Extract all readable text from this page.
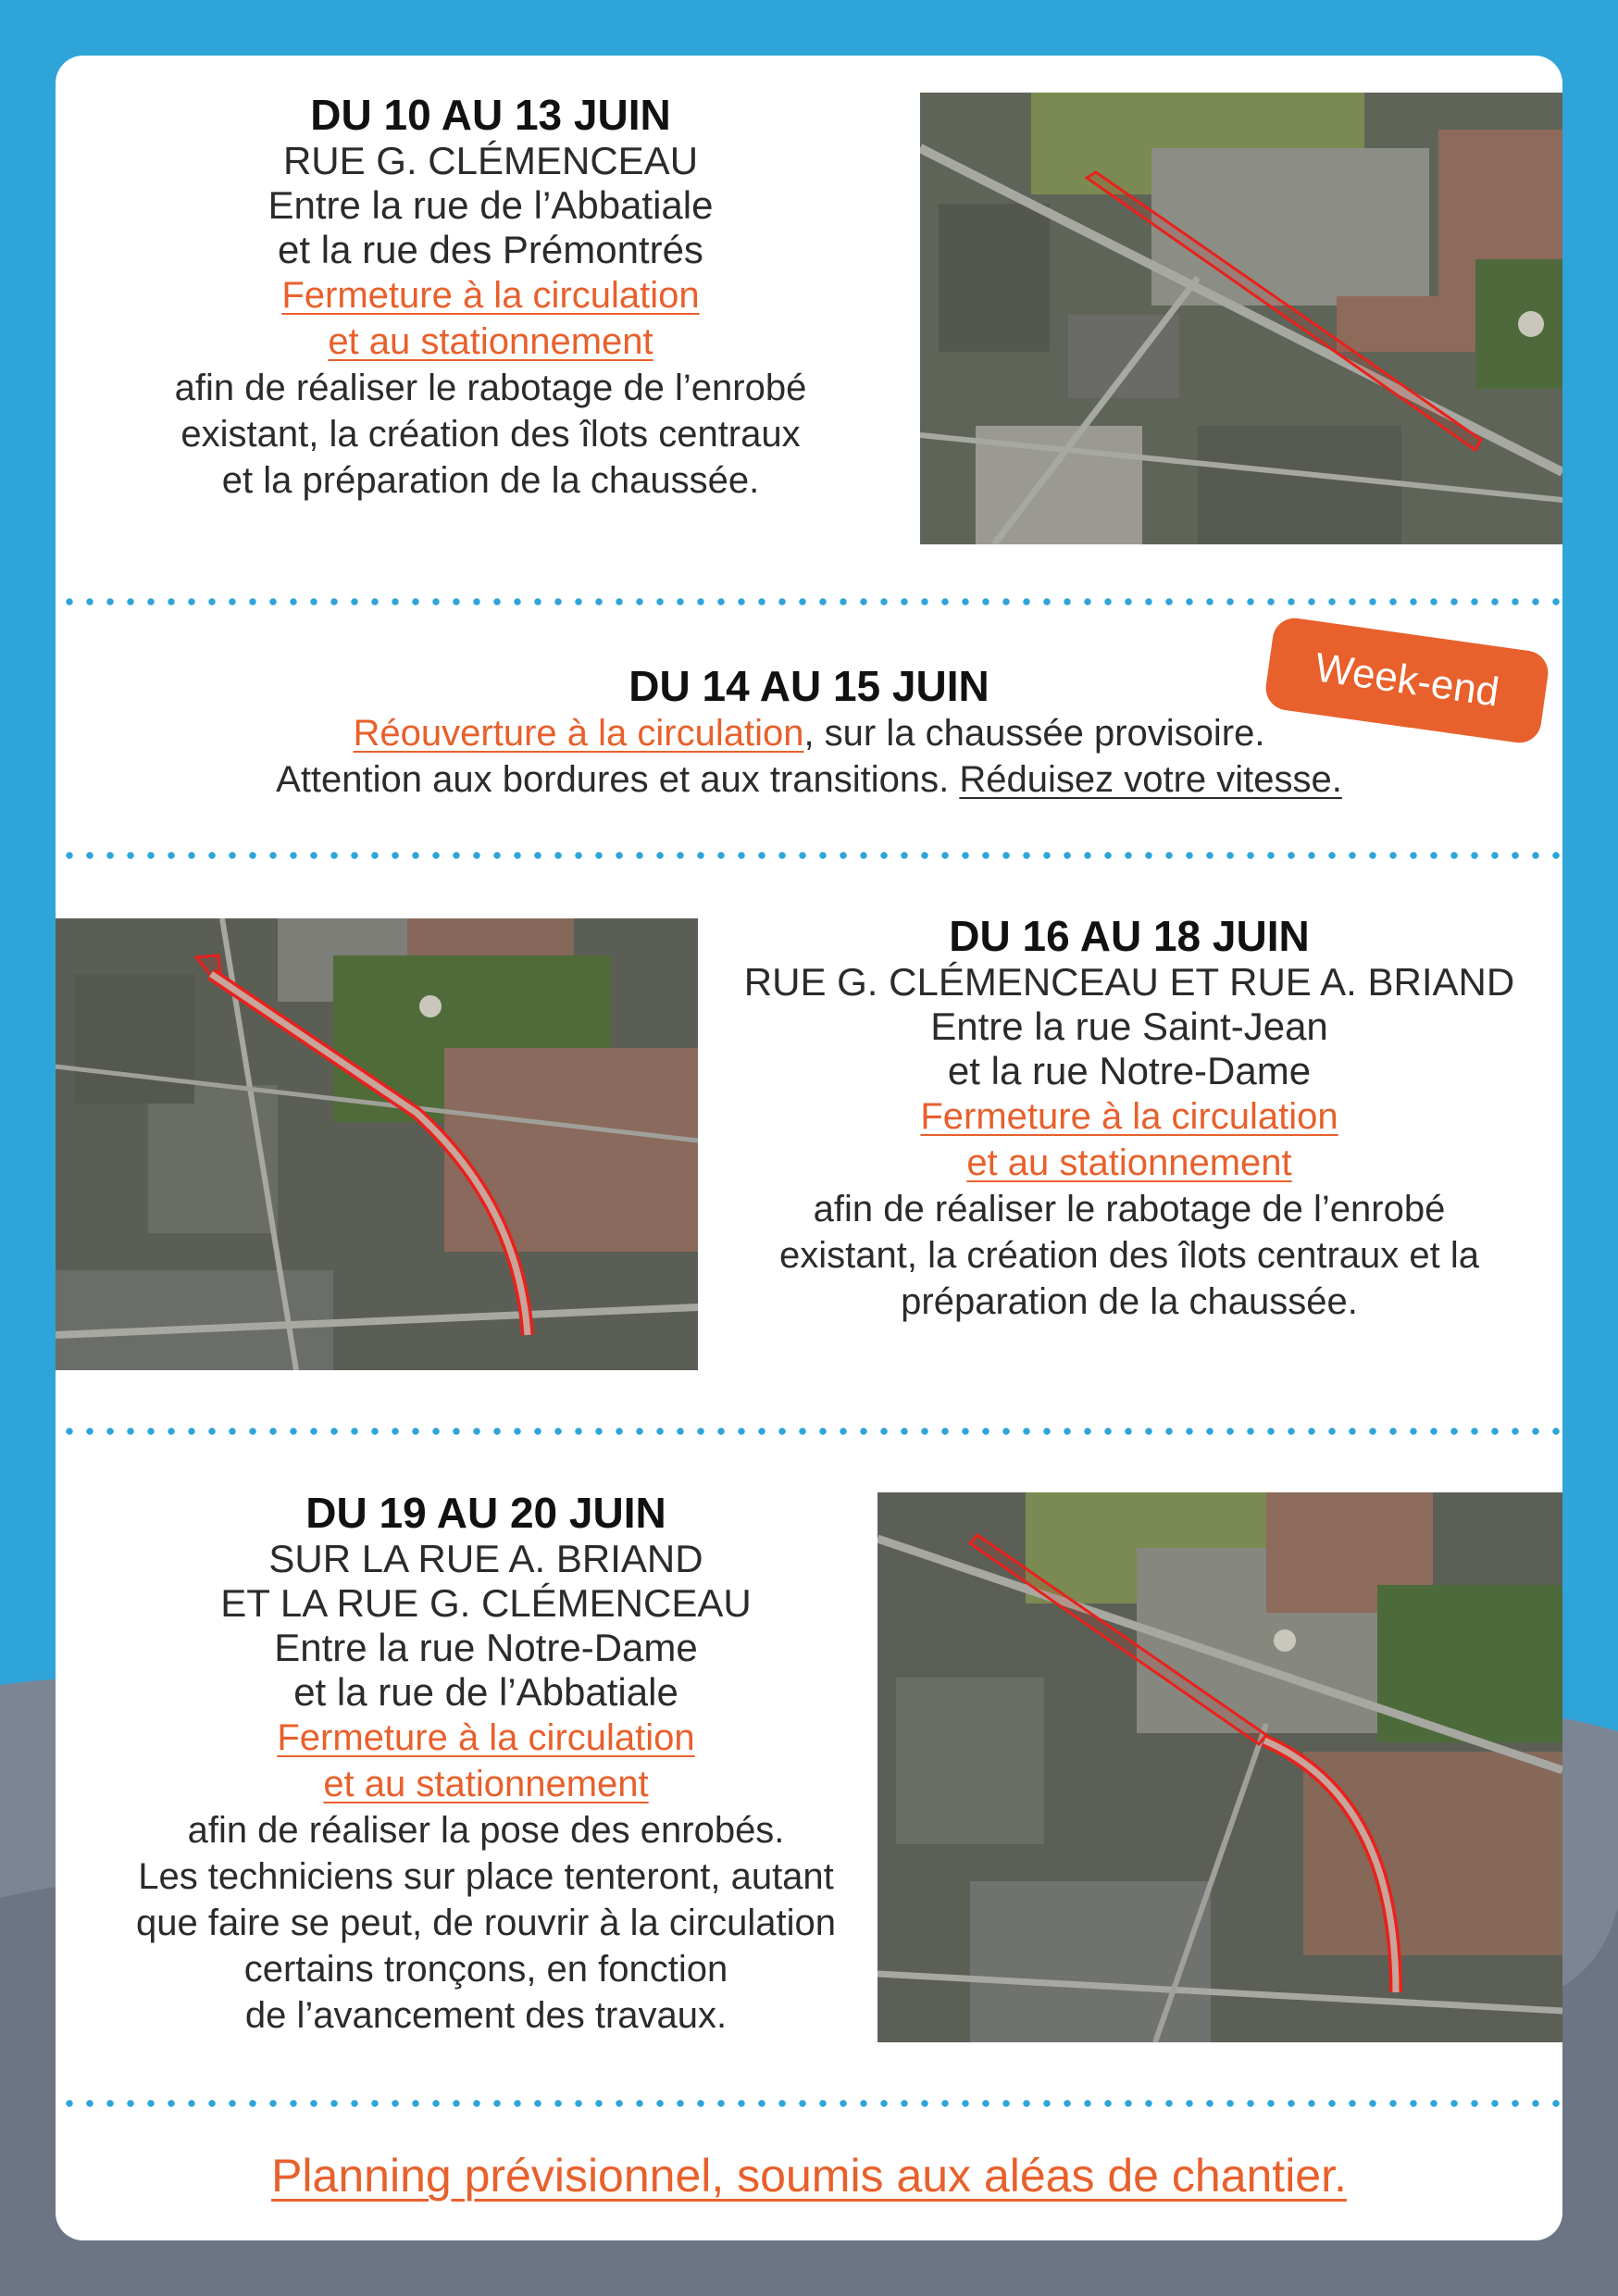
DU 10 AU 13 JUIN
RUE G. CLÉMENCEAU
Entre la rue de l’Abbatiale
et la rue des Prémontrés
Fermeture à la circulation
et au stationnement
afin de réaliser le rabotage de l’enrobé
existant, la création des îlots centraux
et la préparation de la chaussée.
DU 14 AU 15 JUIN
Réouverture à la circulation, sur la chaussée provisoire.
Attention aux bordures et aux transitions. Réduisez votre vitesse.
Week-end
DU 16 AU 18 JUIN
RUE G. CLÉMENCEAU ET RUE A. BRIAND
Entre la rue Saint-Jean
et la rue Notre-Dame
Fermeture à la circulation
et au stationnement
afin de réaliser le rabotage de l’enrobé
existant, la création des îlots centraux et la
préparation de la chaussée.
DU 19 AU 20 JUIN
SUR LA RUE A. BRIAND
ET LA RUE G. CLÉMENCEAU
Entre la rue Notre-Dame
et la rue de l’Abbatiale
Fermeture à la circulation
et au stationnement
afin de réaliser la pose des enrobés.
Les techniciens sur place tenteront, autant
que faire se peut, de rouvrir à la circulation
certains tronçons, en fonction
de l’avancement des travaux.
Planning prévisionnel, soumis aux aléas de chantier.
